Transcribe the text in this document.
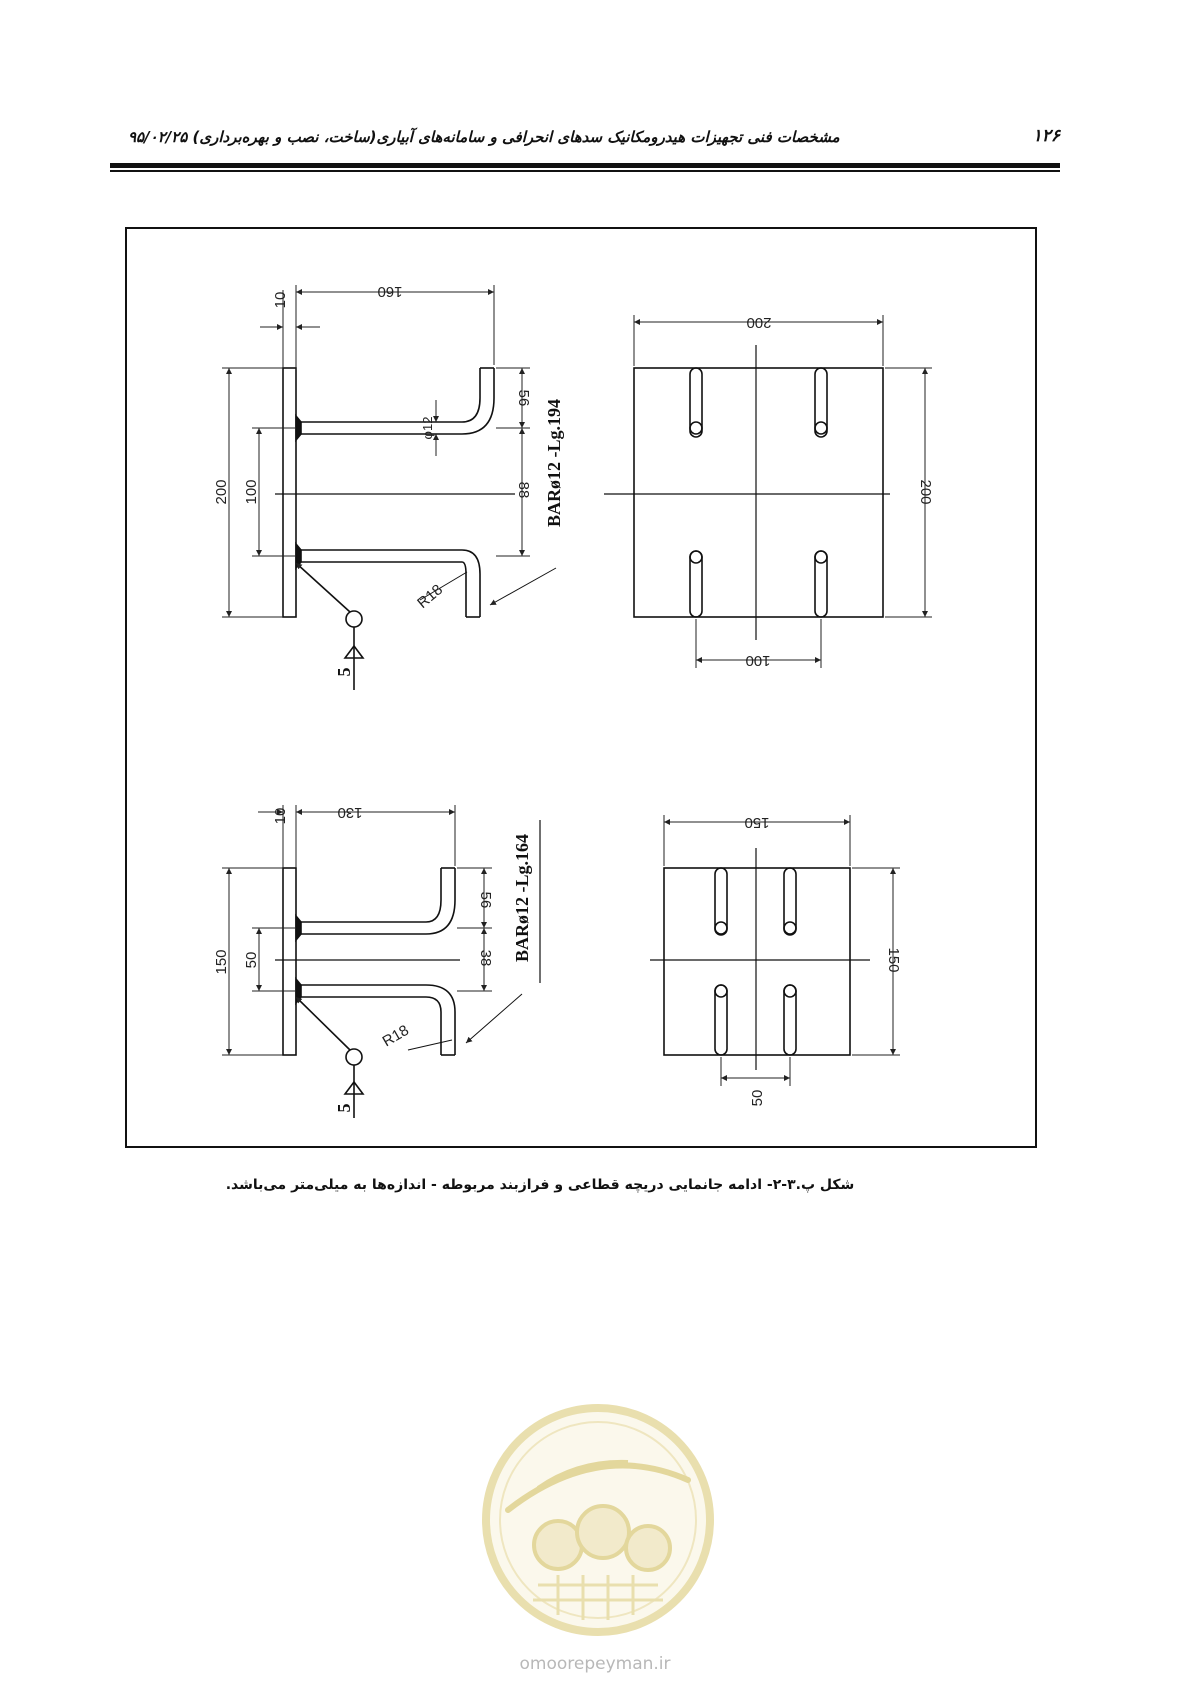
مشخصات فنی تجهیزات هیدرومکانیک سدهای انحرافی و سامانه‌های آبیاری(ساخت، نصب و بهره‌برداری) ۹۵/۰۲/۲۵	۱۲۶
10	160
200 100
56
88
φ12
R18
BARø12 -Lg.194
5
200
200
100
10	130
150 50
56
38
R18
BARø12 -Lg.164
5
150
150
50
شکل پ.۳-۲- ادامه جانمایی دریچه قطاعی و فرازبند مربوطه - اندازه‌ها به میلی‌متر می‌باشد.
omoorepeyman.ir
